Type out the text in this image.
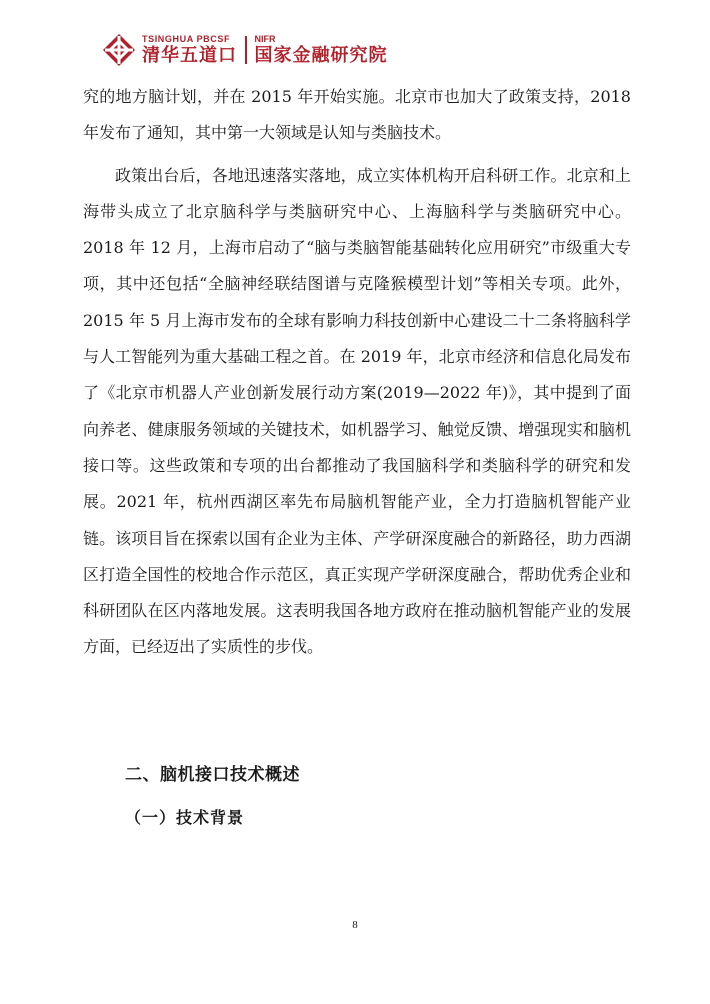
TSINGHUA PBCSF
清华五道口
NIFR
国家金融研究院

究的地方脑计划，并在 2015 年开始实施。北京市也加大了政策支持，2018 年发布了通知，其中第一大领域是认知与类脑技术。

政策出台后，各地迅速落实落地，成立实体机构开启科研工作。北京和上海带头成立了北京脑科学与类脑研究中心、上海脑科学与类脑研究中心。2018 年 12 月，上海市启动了“脑与类脑智能基础转化应用研究”市级重大专项，其中还包括“全脑神经联结图谱与克隆猴模型计划”等相关专项。此外，2015 年 5 月上海市发布的全球有影响力科技创新中心建设二十二条将脑科学与人工智能列为重大基础工程之首。在 2019 年，北京市经济和信息化局发布了《北京市机器人产业创新发展行动方案(2019—2022 年)》，其中提到了面向养老、健康服务领域的关键技术，如机器学习、触觉反馈、增强现实和脑机接口等。这些政策和专项的出台都推动了我国脑科学和类脑科学的研究和发展。2021 年，杭州西湖区率先布局脑机智能产业，全力打造脑机智能产业链。该项目旨在探索以国有企业为主体、产学研深度融合的新路径，助力西湖区打造全国性的校地合作示范区，真正实现产学研深度融合，帮助优秀企业和科研团队在区内落地发展。这表明我国各地方政府在推动脑机智能产业的发展方面，已经迈出了实质性的步伐。

二、脑机接口技术概述
（一）技术背景
8
